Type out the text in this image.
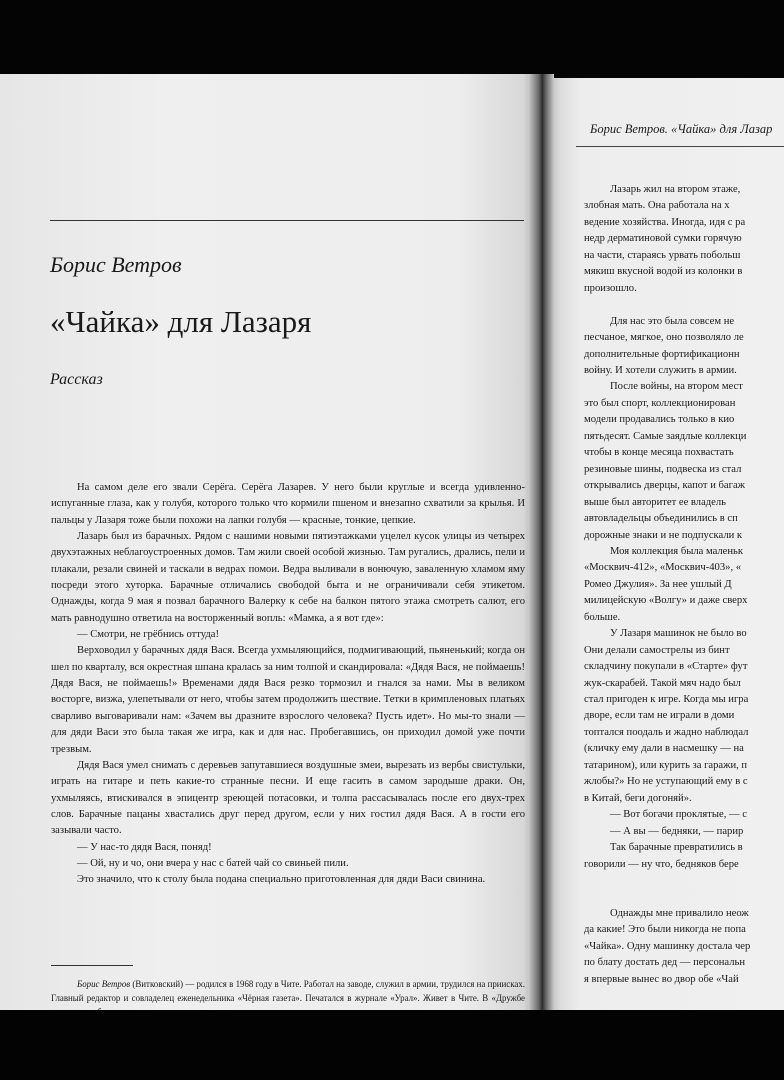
Борис Ветров
«Чайка» для Лазаря
Рассказ

На самом деле его звали Серёга. Серёга Лазарев. У него были круглые и всегда удивленно-испуганные глаза, как у голубя, которого только что кормили пшеном и внезапно схватили за крылья. И пальцы у Лазаря тоже были похожи на лапки голубя — красные, тонкие, цепкие.

Лазарь был из барачных. Рядом с нашими новыми пятиэтажками уцелел кусок улицы из четырех двухэтажных неблагоустроенных домов. Там жили своей особой жизнью. Там ругались, дрались, пели и плакали, резали свиней и таскали в ведрах помои. Ведра выливали в вонючую, заваленную хламом яму посреди этого хуторка. Барачные отличались свободой быта и не ограничивали себя этикетом. Однажды, когда 9 мая я позвал барачного Валерку к себе на балкон пятого этажа смотреть салют, его мать равнодушно ответила на восторженный вопль: «Мамка, а я вот где»:

— Смотри, не грёбнись оттуда!

Верховодил у барачных дядя Вася. Всегда ухмыляющийся, подмигивающий, пьяненький; когда он шел по кварталу, вся окрестная шпана кралась за ним толпой и скандировала: «Дядя Вася, не поймаешь! Дядя Вася, не поймаешь!» Временами дядя Вася резко тормозил и гнался за нами. Мы в великом восторге, визжа, улепетывали от него, чтобы затем продолжить шествие. Тетки в кримпленовых платьях сварливо выговаривали нам: «Зачем вы дразните взрослого человека? Пусть идет». Но мы-то знали — для дяди Васи это была такая же игра, как и для нас. Пробегавшись, он приходил домой уже почти трезвым.

Дядя Вася умел снимать с деревьев запутавшиеся воздушные змеи, вырезать из вербы свистульки, играть на гитаре и петь какие-то странные песни. И еще гасить в самом зародыше драки. Он, ухмыляясь, втискивался в эпицентр зреющей потасовки, и толпа рассасывалась после его двух-трех слов. Барачные пацаны хвастались друг перед другом, если у них гостил дядя Вася. А в гости его зазывали часто.

— У нас-то дядя Вася, поняд!

— Ой, ну и чо, они вчера у нас с батей чай со свиньей пили.

Это значило, что к столу была подана специально приготовленная для дяди Васи свинина.

Борис Ветров (Витковский) — родился в 1968 году в Чите. Работал на заводе, служил в армии, трудился на приисках. Главный редактор и совладелец еженедельника «Чёрная газета». Печатался в журнале «Урал». Живет в Чите. В «Дружбе

Борис Ветров. «Чайка» для Лазар
Лазарь жил на втором этаже,
злобная мать. Она работала на х
ведение хозяйства. Иногда, идя с ра
недр дерматиновой сумки горячую
на части, стараясь урвать побольш
мякиш вкусной водой из колонки в
произошло.
Для нас это была совсем не
песчаное, мягкое, оно позволяло ле
дополнительные фортификационн
войну. И хотели служить в армии.
После войны, на втором мест
это был спорт, коллекционирован
модели продавались только в кио
пятьдесят. Самые заядлые коллекци
чтобы в конце месяца похвастать
резиновые шины, подвеска из стал
открывались дверцы, капот и багаж
выше был авторитет ее владель
автовладельцы объединились в сп
дорожные знаки и не подпускали к
Моя коллекция была маленьк
«Москвич-412», «Москвич-403», «
Ромео Джулия». За нее ушлый Д
милицейскую «Волгу» и даже сверх
больше.
У Лазаря машинок не было во
Они делали самострелы из бинт
складчину покупали в «Старте» фут
жук-скарабей. Такой мяч надо был
стал пригоден к игре. Когда мы игра
дворе, если там не играли в доми
топтался поодаль и жадно наблюдал
(кличку ему дали в насмешку — на
татарином), или курить за гаражи, п
жлобы?» Но не уступающий ему в с
в Китай, беги догоняй».
— Вот богачи проклятые, — с
— А вы — бедняки, — парир
Так барачные превратились в
говорили — ну что, бедняков бере
Однажды мне привалило неож
да какие! Это были никогда не попа
«Чайка». Одну машинку достала чер
по блату достать дед — персональн
я впервые вынес во двор обе «Чай
